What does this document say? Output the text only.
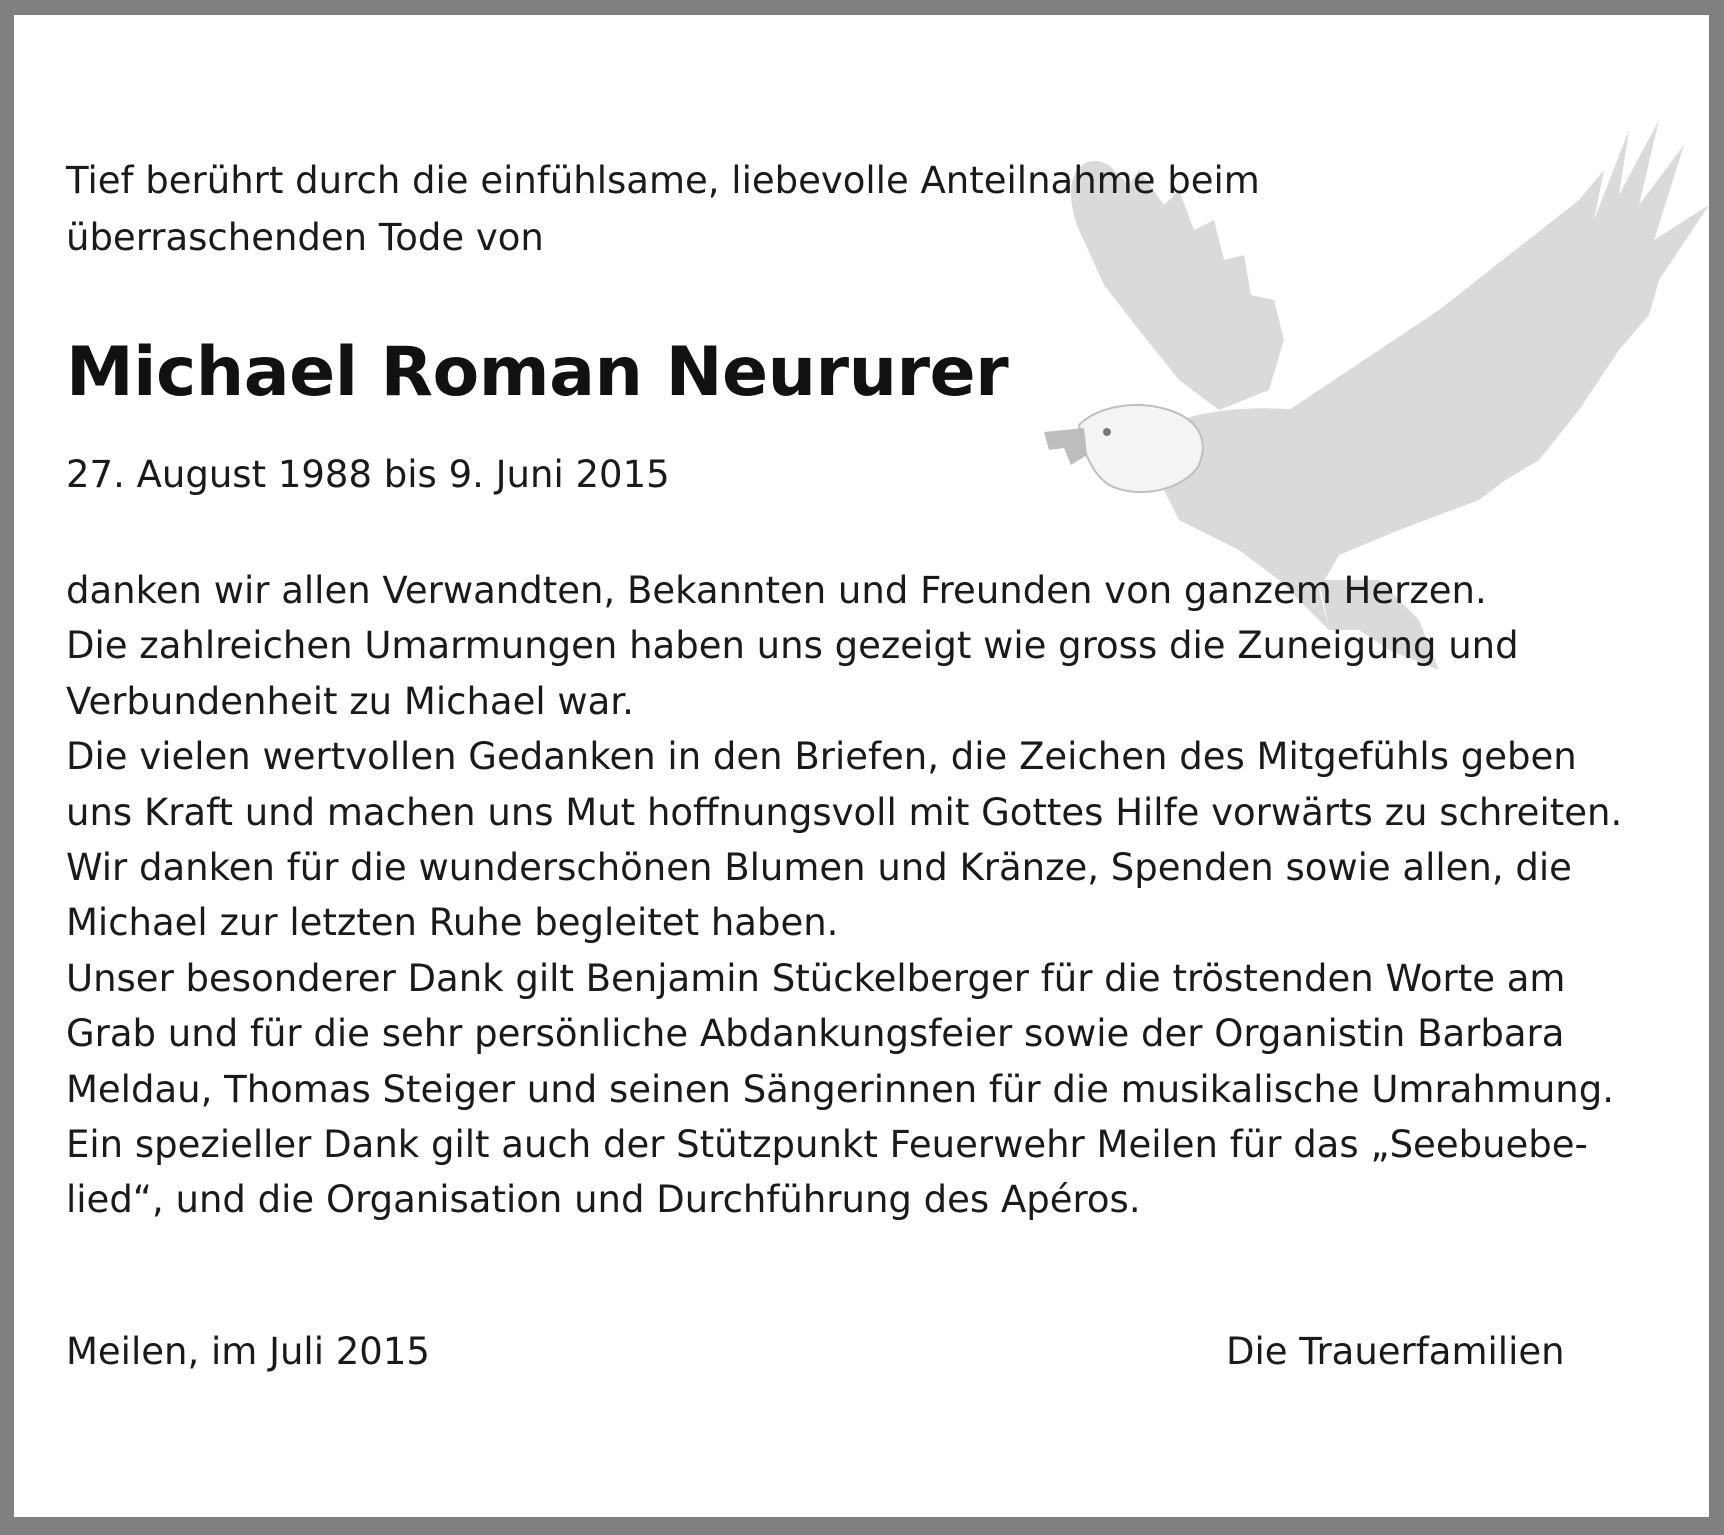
Tief berührt durch die einfühlsame, liebevolle Anteilnahme beim
überraschenden Tode von

Michael Roman Neururer

27. August 1988 bis 9. Juni 2015

danken wir allen Verwandten, Bekannten und Freunden von ganzem Herzen.
Die zahlreichen Umarmungen haben uns gezeigt wie gross die Zuneigung und
Verbundenheit zu Michael war.
Die vielen wertvollen Gedanken in den Briefen, die Zeichen des Mitgefühls geben
uns Kraft und machen uns Mut hoffnungsvoll mit Gottes Hilfe vorwärts zu schreiten.
Wir danken für die wunderschönen Blumen und Kränze, Spenden sowie allen, die
Michael zur letzten Ruhe begleitet haben.
Unser besonderer Dank gilt Benjamin Stückelberger für die tröstenden Worte am
Grab und für die sehr persönliche Abdankungsfeier sowie der Organistin Barbara
Meldau, Thomas Steiger und seinen Sängerinnen für die musikalische Umrahmung.
Ein spezieller Dank gilt auch der Stützpunkt Feuerwehr Meilen für das „Seebuebe-
lied“, und die Organisation und Durchführung des Apéros.

Meilen, im Juli 2015	Die Trauerfamilien
